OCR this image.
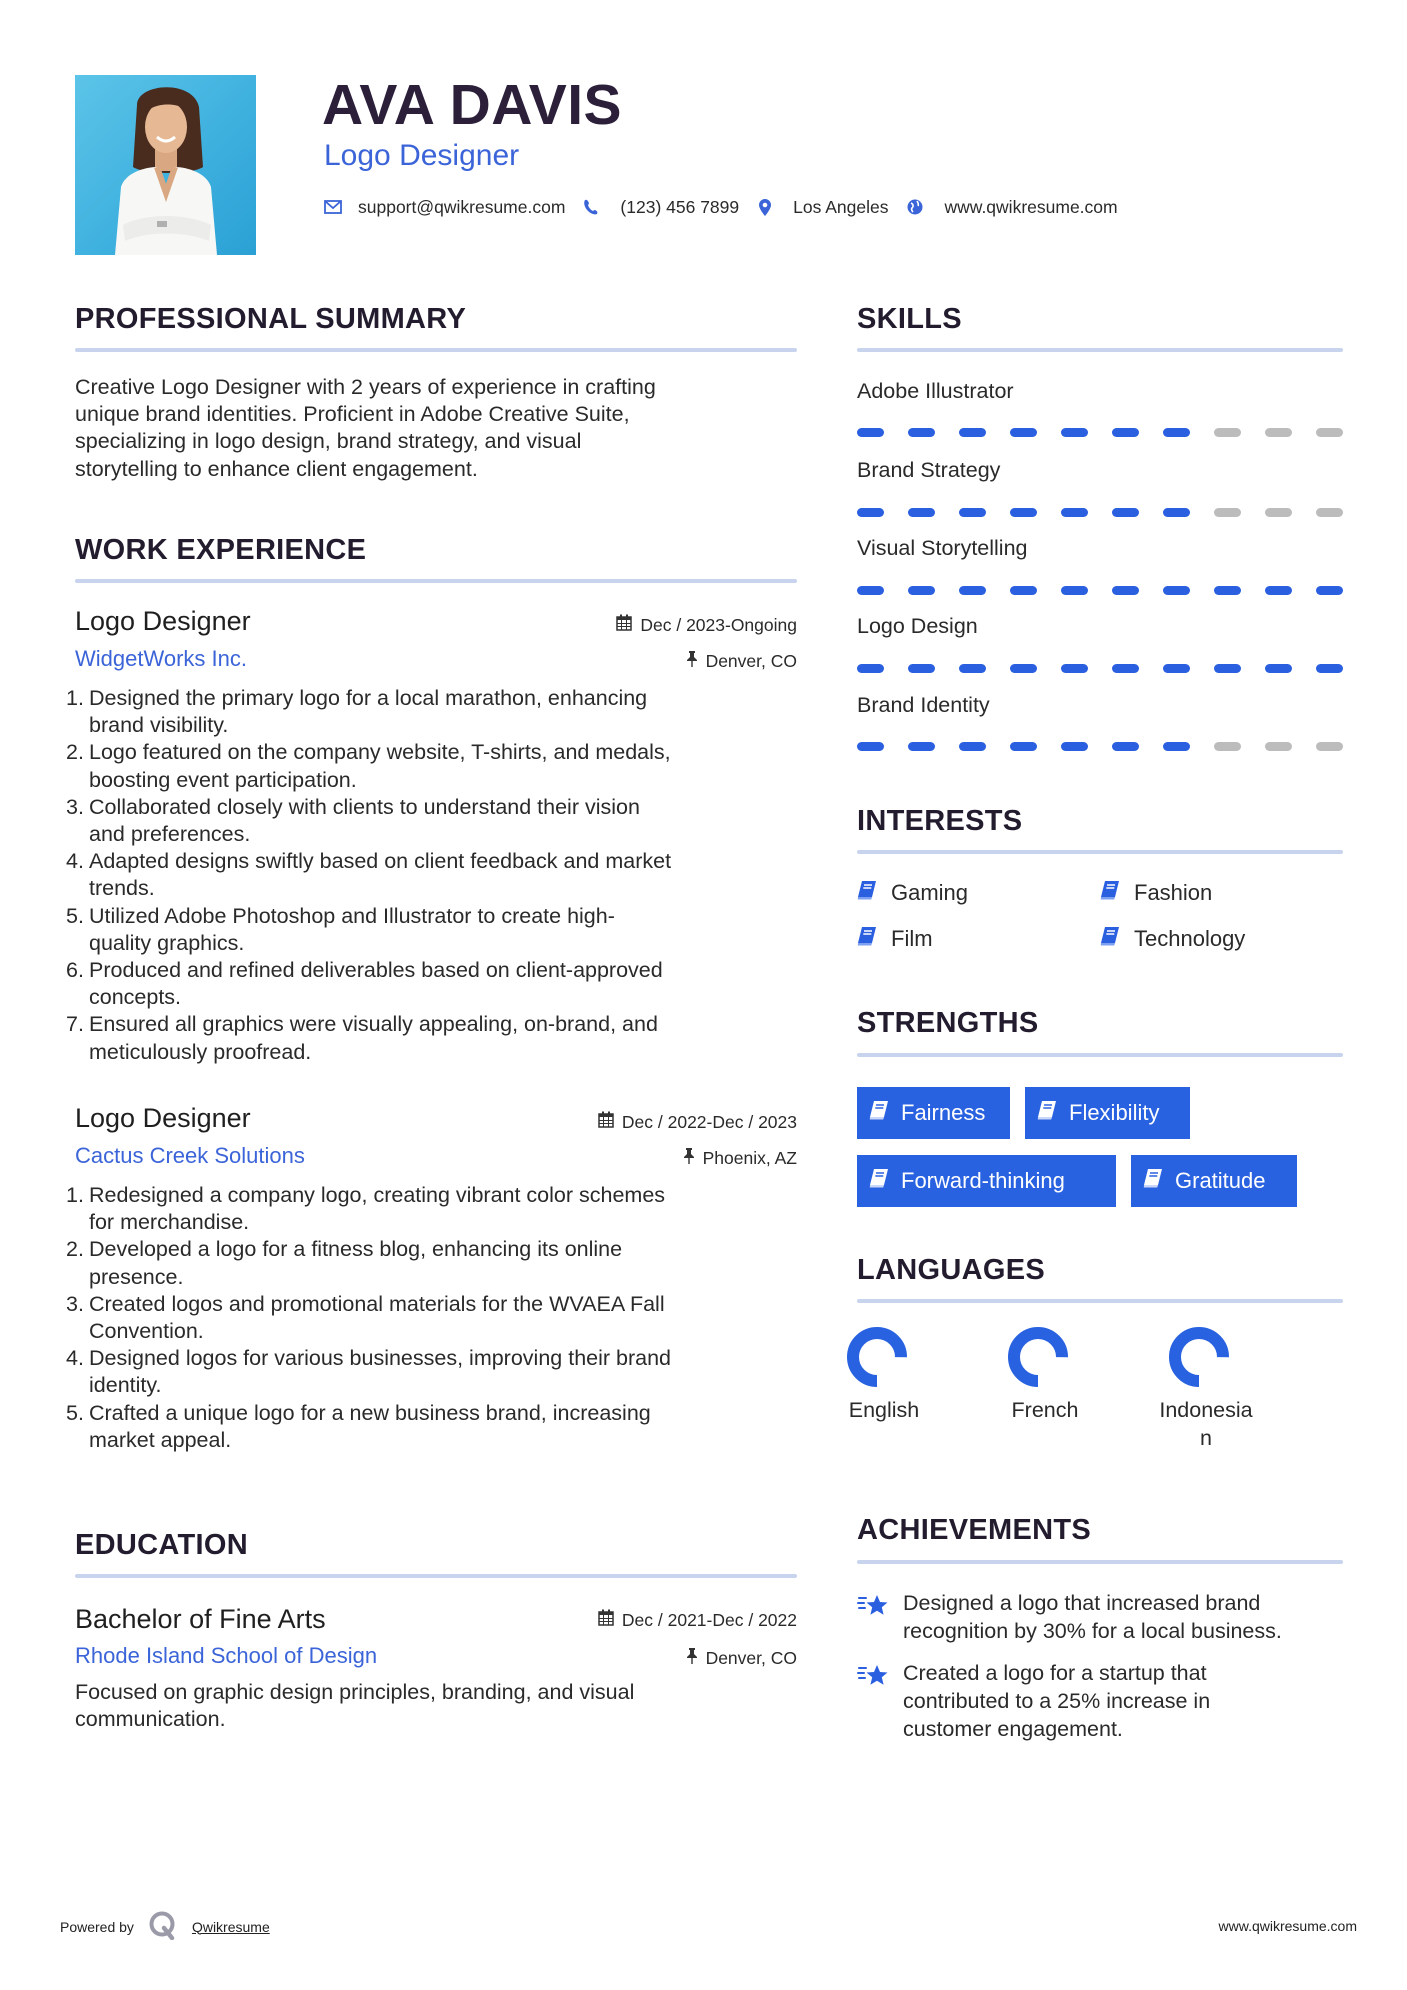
AVA DAVIS
Logo Designer
support@qwikresume.com	(123) 456 7899	Los Angeles	www.qwikresume.com
PROFESSIONAL SUMMARY
Creative Logo Designer with 2 years of experience in crafting
unique brand identities. Proficient in Adobe Creative Suite,
specializing in logo design, brand strategy, and visual
storytelling to enhance client engagement.
WORK EXPERIENCE
Logo Designer	Dec / 2023-Ongoing
WidgetWorks Inc.	Denver, CO
1. Designed the primary logo for a local marathon, enhancing
brand visibility.
2. Logo featured on the company website, T-shirts, and medals,
boosting event participation.
3. Collaborated closely with clients to understand their vision
and preferences.
4. Adapted designs swiftly based on client feedback and market
trends.
5. Utilized Adobe Photoshop and Illustrator to create high-
quality graphics.
6. Produced and refined deliverables based on client-approved
concepts.
7. Ensured all graphics were visually appealing, on-brand, and
meticulously proofread.
Logo Designer	Dec / 2022-Dec / 2023
Cactus Creek Solutions	Phoenix, AZ
1. Redesigned a company logo, creating vibrant color schemes
for merchandise.
2. Developed a logo for a fitness blog, enhancing its online
presence.
3. Created logos and promotional materials for the WVAEA Fall
Convention.
4. Designed logos for various businesses, improving their brand
identity.
5. Crafted a unique logo for a new business brand, increasing
market appeal.
EDUCATION
Bachelor of Fine Arts	Dec / 2021-Dec / 2022
Rhode Island School of Design	Denver, CO
Focused on graphic design principles, branding, and visual
communication.
SKILLS
Adobe Illustrator
Brand Strategy
Visual Storytelling
Logo Design
Brand Identity
INTERESTS
Gaming	Fashion
Film	Technology
STRENGTHS
Fairness	Flexibility
Forward-thinking	Gratitude
LANGUAGES
English	French	Indonesia
n
ACHIEVEMENTS
Designed a logo that increased brand
recognition by 30% for a local business.
Created a logo for a startup that
contributed to a 25% increase in
customer engagement.
Powered by	Qwikresume	www.qwikresume.com
